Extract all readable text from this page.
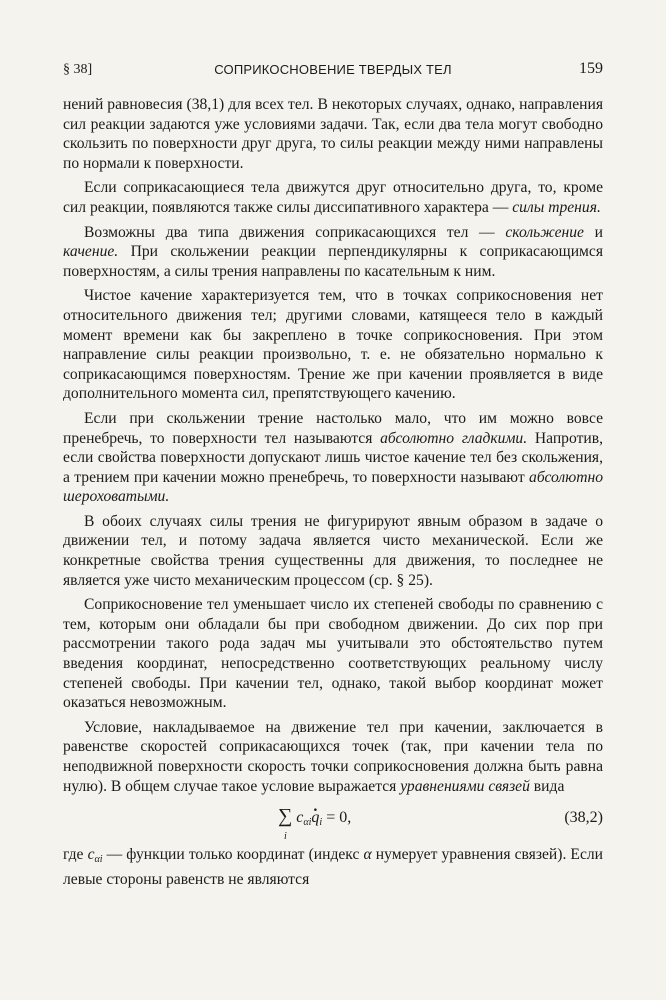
§ 38]	СОПРИКОСНОВЕНИЕ ТВЕРДЫХ ТЕЛ	159

нений равновесия (38,1) для всех тел. В некоторых случаях, однако, направления сил реакции задаются уже условиями задачи. Так, если два тела могут свободно скользить по поверхности друг друга, то силы реакции между ними направлены по нормали к поверхности.

Если соприкасающиеся тела движутся друг относительно друга, то, кроме сил реакции, появляются также силы диссипативного характера — силы трения.

Возможны два типа движения соприкасающихся тел — скольжение и качение. При скольжении реакции перпендикулярны к соприкасающимся поверхностям, а силы трения направлены по касательным к ним.

Чистое качение характеризуется тем, что в точках соприкосновения нет относительного движения тел; другими словами, катящееся тело в каждый момент времени как бы закреплено в точке соприкосновения. При этом направление силы реакции произвольно, т. е. не обязательно нормально к соприкасающимся поверхностям. Трение же при качении проявляется в виде дополнительного момента сил, препятствующего качению.

Если при скольжении трение настолько мало, что им можно вовсе пренебречь, то поверхности тел называются абсолютно гладкими. Напротив, если свойства поверхности допускают лишь чистое качение тел без скольжения, а трением при качении можно пренебречь, то поверхности называют абсолютно шероховатыми.

В обоих случаях силы трения не фигурируют явным образом в задаче о движении тел, и потому задача является чисто механической. Если же конкретные свойства трения существенны для движения, то последнее не является уже чисто механическим процессом (ср. § 25).

Соприкосновение тел уменьшает число их степеней свободы по сравнению с тем, которым они обладали бы при свободном движении. До сих пор при рассмотрении такого рода задач мы учитывали это обстоятельство путем введения координат, непосредственно соответствующих реальному числу степеней свободы. При качении тел, однако, такой выбор координат может оказаться невозможным.

Условие, накладываемое на движение тел при качении, заключается в равенстве скоростей соприкасающихся точек (так, при качении тела по неподвижной поверхности скорость точки соприкосновения должна быть равна нулю). В общем случае такое условие выражается уравнениями связей вида

∑
i
$c_{\alpha i}q$ $._i = 0$,	(38,2)

где $c_{\alpha i}$ — функции только координат (индекс α нумерует уравнения связей). Если левые стороны равенств не являются
